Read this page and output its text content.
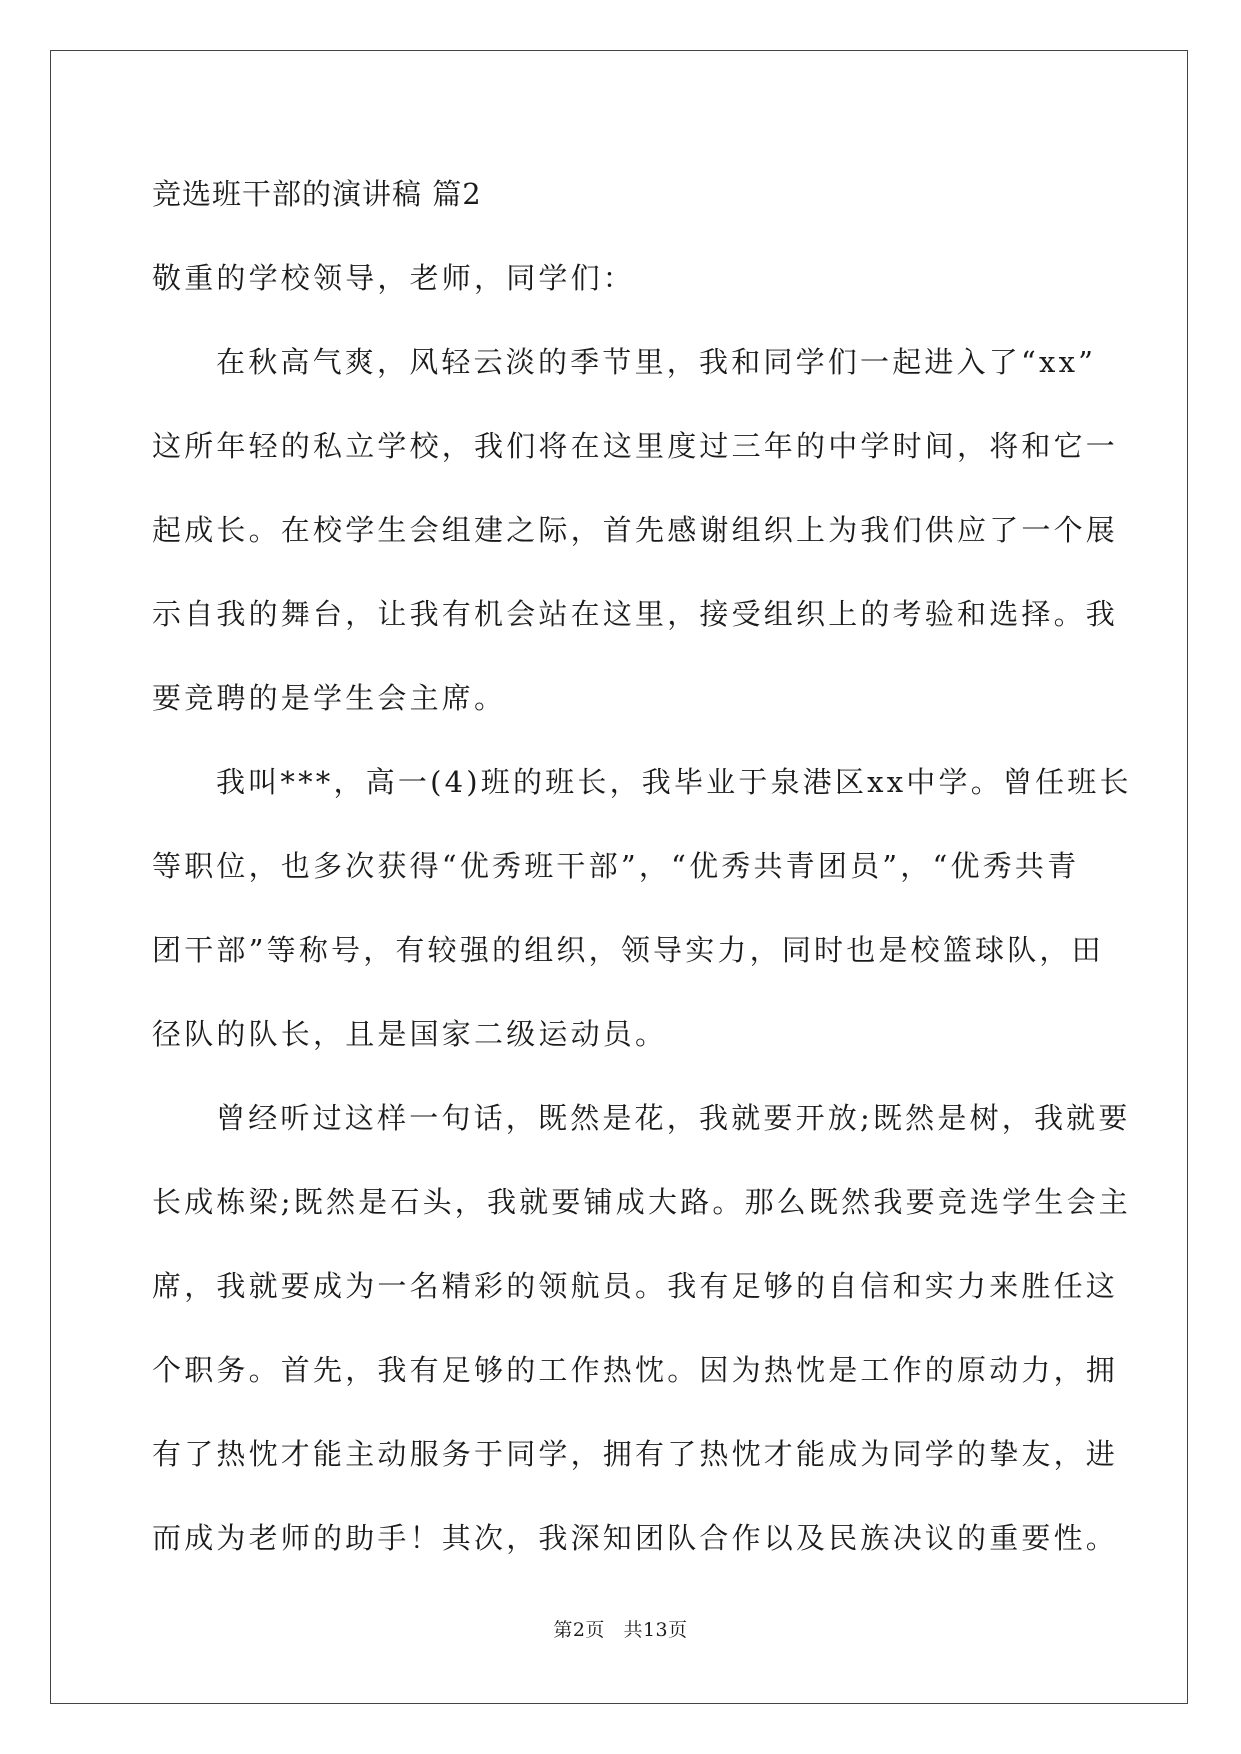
竞选班干部的演讲稿 篇2
敬重的学校领导，老师，同学们：
在秋高气爽，风轻云淡的季节里，我和同学们一起进入了“xx”
这所年轻的私立学校，我们将在这里度过三年的中学时间，将和它一
起成长。在校学生会组建之际，首先感谢组织上为我们供应了一个展
示自我的舞台，让我有机会站在这里，接受组织上的考验和选择。我
要竞聘的是学生会主席。
我叫***，高一(4)班的班长，我毕业于泉港区xx中学。曾任班长
等职位，也多次获得“优秀班干部”，“优秀共青团员”，“优秀共青
团干部”等称号，有较强的组织，领导实力，同时也是校篮球队，田
径队的队长，且是国家二级运动员。
曾经听过这样一句话，既然是花，我就要开放;既然是树，我就要
长成栋梁;既然是石头，我就要铺成大路。那么既然我要竞选学生会主
席，我就要成为一名精彩的领航员。我有足够的自信和实力来胜任这
个职务。首先，我有足够的工作热忱。因为热忱是工作的原动力，拥
有了热忱才能主动服务于同学，拥有了热忱才能成为同学的挚友，进
而成为老师的助手！其次，我深知团队合作以及民族决议的重要性。
第2页 共13页
